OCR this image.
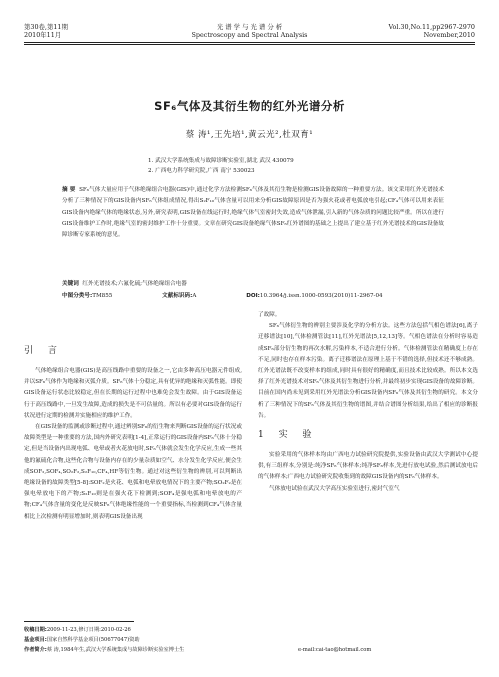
第30卷,第11期
2010年11月
光 谱 学 与 光 谱 分 析
Spectroscopy and Spectral Analysis
Vol.30,No.11,pp2967-2970
November,2010
SF₆气体及其衍生物的红外光谱分析
蔡 涛¹,王先培¹,黄云光²,杜双育¹
1. 武汉大学系统集成与故障诊断实验室,湖北 武汉 430079
2. 广西电力科学研究院,广西 南宁 530023
摘 要 SF₆气体大量应用于气体绝缘组合电器(GIS)中,通过化学方法检测SF₆气体及其衍生物是检测GIS设备故障的一种重要方法。该文采用红外光谱技术分析了三种情况下的GIS设备内SF₆气体组成情况,得出S₂F₁₀气体含量可以用来分析GIS故障原因是否为强火花或者电弧放电引起;CF₄气体可以用来表征GIS设备内绝缘气体的绝缘状态,另外,研究表明,GIS设备在线运行时,绝缘气体气室密封失效,造成气体泄漏,引入新的气体杂质的问题比较严重。所以在进行GIS设备维护工作时,绝缘气室的密封维护工作十分重要。文章在研究GIS设备绝缘气体SF₆红外谱图的基础之上提出了建立基于红外光谱技术的GIS设备故障诊断专家系统的意见。
关键词 红外光谱技术;六氟化硫;气体绝缘组合电器
中图分类号:TM855	文献标识码:A	DOI:10.3964/j.issn.1000-0593(2010)11-2967-04
引 言

气体绝缘组合电器(GIS)是高压线路中重要的设备之一,它由多种高压电器元件组成,并以SF₆气体作为绝缘和灭弧介质。SF₆气体十分稳定,具有优异的绝缘和灭弧性能。即使GIS设备运行状态比较稳定,但在长期的运行过程中也难免会发生故障。由于GIS设备运行于高压线路中,一旦发生故障,造成的损失是不可估量的。所以有必要对GIS设备的运行状况进行定期的检测并实施相应的维护工作。

在GIS设备的监测或诊断过程中,通过辨别SF₆的衍生物来判断GIS设备的运行状况或故障类型是一种重要的方法,国内外研究表明[1-4],正常运行的GIS设备内SF₆气体十分稳定,但是当设备内出现电弧、电晕或者火花放电时,SF₆气体就会发生化学反应,生成一些其他的氟硫化合物,这些化合物与设备内存在的少量杂质如空气、水分发生化学反应,便会生成SOF₂,SOF₄,SO₂F₂,S₂F₁₀,CF₄,HF等衍生物。通过对这些衍生物的辨别,可以判断出绝缘设备的故障类型[5-8]:SOF₂是火花、电弧和电晕放电情况下的主要产物;SO₂F₂是在强电晕放电下的产物;S₂F₁₀则是在强火花下检测到;SOF₄是强电弧和电晕放电的产物;CF₄气体含量的变化是反映SF₆气体绝缘性能的一个重要指标,当检测到CF₄气体含量相比上次检测有明显增加时,则表明GIS设备出现

了故障。

SF₆气体衍生物的辨别主要涉及化学的分析方法。这些方法包括气相色谱法[6],离子迁移谱法[10],气体检测管法[11],红外光谱法[5,12,13]等。气相色谱法在分析时容易造成SF₆部分衍生物的再次水解,污染样本,不适合进行分析。气体检测管法在精确度上存在不足,同时也存在样本污染。离子迁移谱法在原理上基于不错的选择,但技术还不够成熟。红外光谱法既不改变样本的组成,同时具有很好的精确度,而且技术比较成熟。所以本文选择了红外光谱技术对SF₆气体及其衍生物进行分析,并最终初步实现GIS设备的故障诊断。目前在国内尚未见到采用红外光谱法分析GIS设备内SF₆气体及其衍生物的研究。本文分析了三种情况下的SF₆气体及其衍生物的谱图,并结合谱图分析结果,给出了相应的诊断报告。

1 实 验

实验采用的气体样本均由广西电力试验研究院提供,实验设备由武汉大学测试中心提供,有三组样本,分别是:纯净SF₆气体样本;纯净SF₆样本,先进行放电试验,然后测试放电后的气体样本;广西电力试验研究院收集到的故障GIS设备内的SF₆气体样本。

气体放电试验在武汉大学高压实验室进行,密封气室气

收稿日期:2009-11-23,修订日期:2010-02-26
基金项目:国家自然科学基金项目(50677047)资助
作者简介:蔡 涛,1984年生,武汉大学系统集成与故障诊断实验室博士生	e-mail:cai-tao@hotmail.com
